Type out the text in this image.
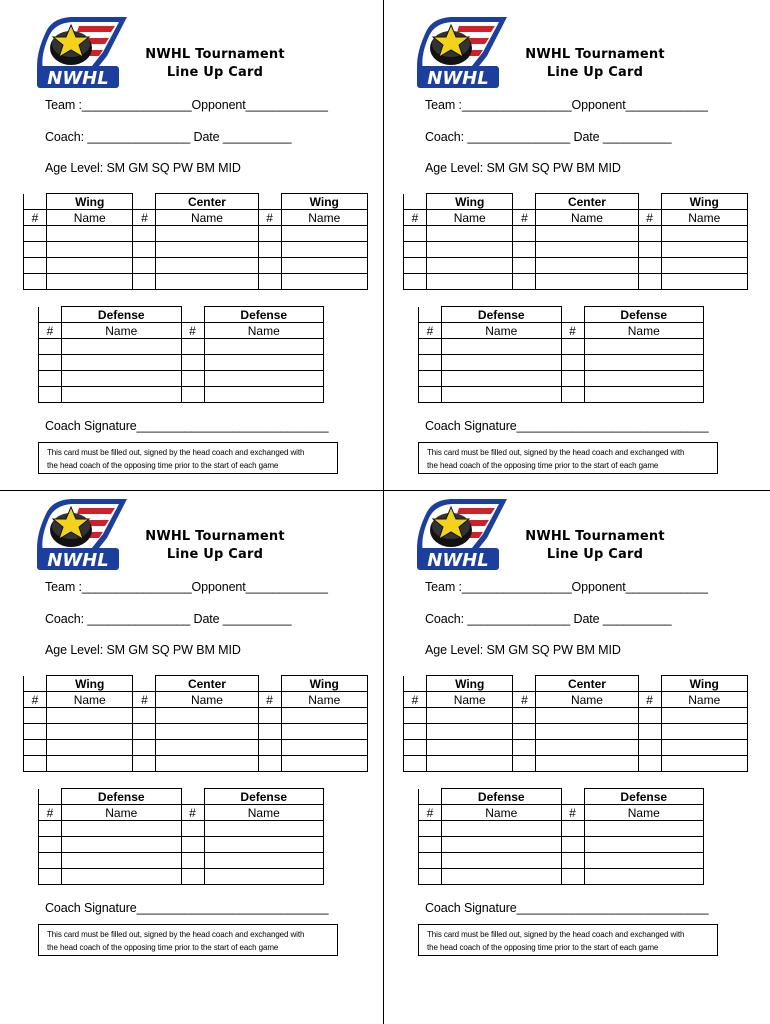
NWHL
NWHL Tournament
Line Up Card
Team :________________Opponent____________
Coach: _______________ Date __________
Age Level: SM GM SQ PW BM MID
	Wing		Center		Wing
#	Name	#	Name	#	Name

	Defense		Defense
#	Name	#	Name

Coach Signature____________________________
This card must be filled out, signed by the head coach and exchanged with
the head coach of the opposing time prior to the start of each game
NWHL
NWHL Tournament
Line Up Card
Team :________________Opponent____________
Coach: _______________ Date __________
Age Level: SM GM SQ PW BM MID
	Wing		Center		Wing
#	Name	#	Name	#	Name

	Defense		Defense
#	Name	#	Name

Coach Signature____________________________
This card must be filled out, signed by the head coach and exchanged with
the head coach of the opposing time prior to the start of each game
NWHL
NWHL Tournament
Line Up Card
Team :________________Opponent____________
Coach: _______________ Date __________
Age Level: SM GM SQ PW BM MID
	Wing		Center		Wing
#	Name	#	Name	#	Name

	Defense		Defense
#	Name	#	Name

Coach Signature____________________________
This card must be filled out, signed by the head coach and exchanged with
the head coach of the opposing time prior to the start of each game
NWHL
NWHL Tournament
Line Up Card
Team :________________Opponent____________
Coach: _______________ Date __________
Age Level: SM GM SQ PW BM MID
	Wing		Center		Wing
#	Name	#	Name	#	Name

	Defense		Defense
#	Name	#	Name

Coach Signature____________________________
This card must be filled out, signed by the head coach and exchanged with
the head coach of the opposing time prior to the start of each game
